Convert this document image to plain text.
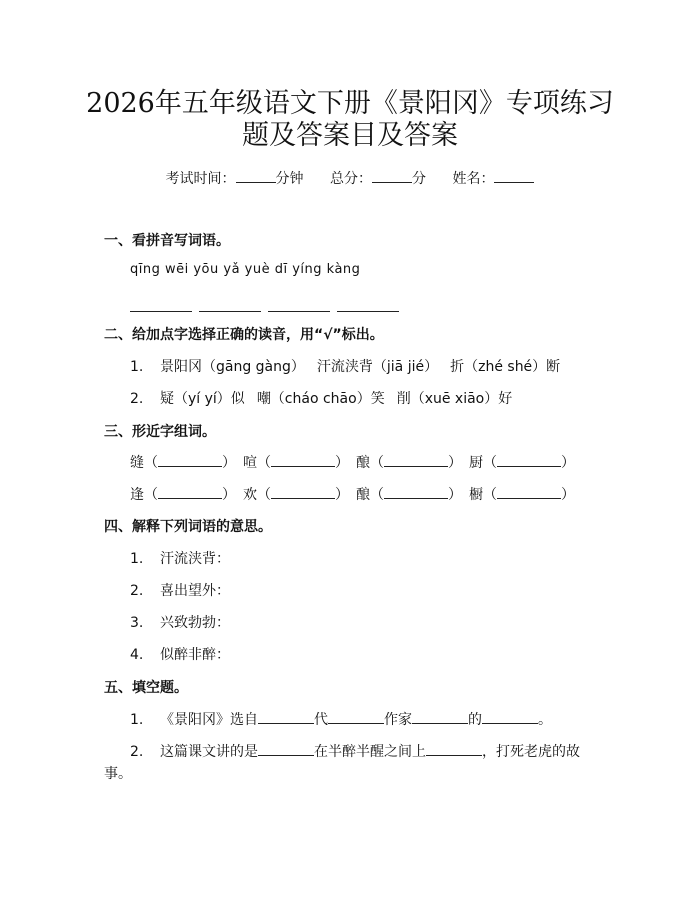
2026年五年级语文下册《景阳冈》专项练习
题及答案目及答案
考试时间：	分钟 总分：	分 姓名：
一、看拼音写词语。
qīng wēi yōu yǎ yuè dī yíng kàng
二、给加点字选择正确的读音，用“√”标出。
1. 景阳冈（gāng gàng） 汗流浃背（jiā jié） 折（zhé shé）断
2. 疑（yí yí）似 嘲（cháo chāo）笑 削（xuē xiāo）好
三、形近字组词。
缝（	） 喧（	） 酿（	） 厨（	）
逢（	） 欢（	） 酿（	） 橱（	）
四、解释下列词语的意思。
1. 汗流浃背：
2. 喜出望外：
3. 兴致勃勃：
4. 似醉非醉：
五、填空题。
1. 《景阳冈》选自	代	作家	的	。
2. 这篇课文讲的是	在半醉半醒之间上	，打死老虎的故
事。
